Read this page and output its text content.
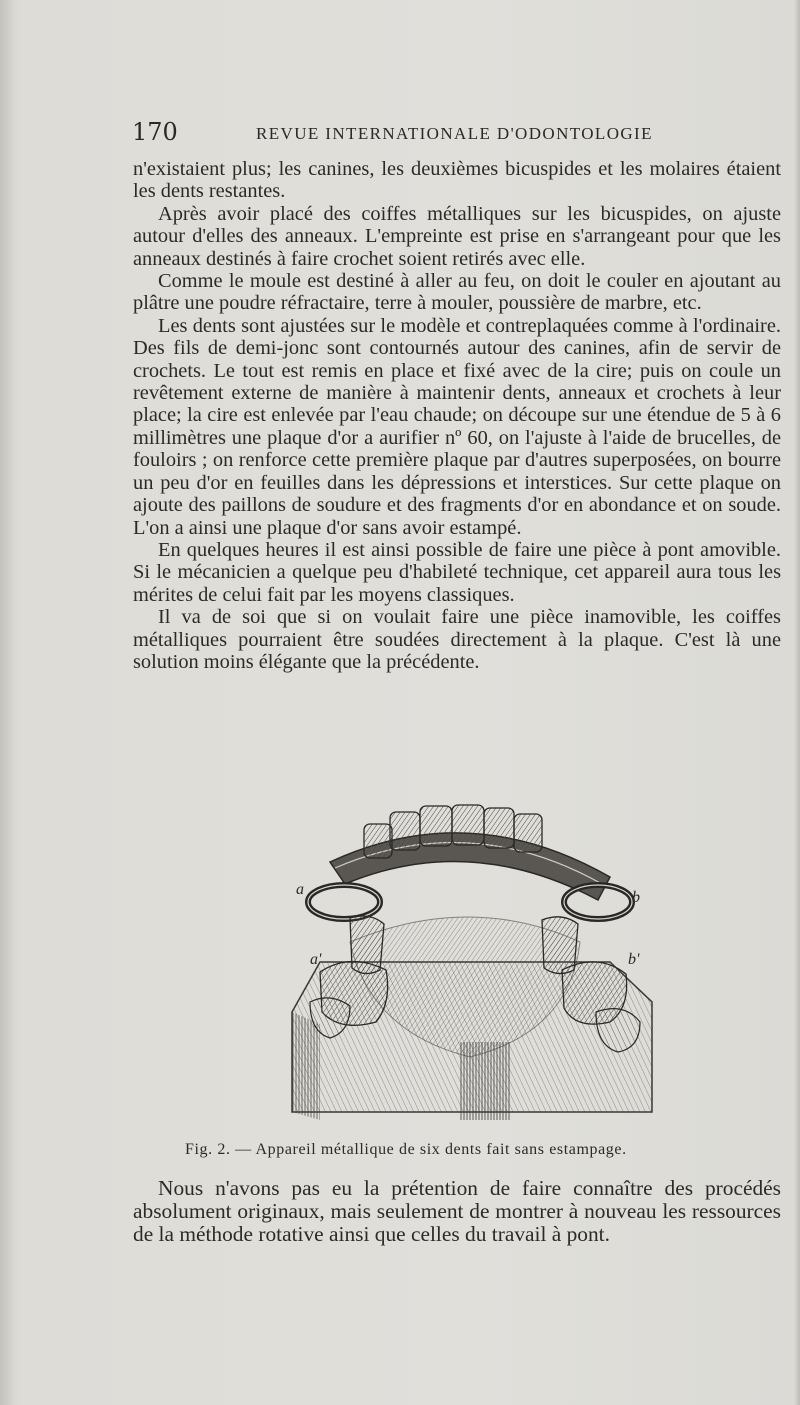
170	REVUE INTERNATIONALE D'ODONTOLOGIE

n'existaient plus; les canines, les deuxièmes bicuspides et les molaires étaient les dents restantes.

Après avoir placé des coiffes métalliques sur les bicuspides, on ajuste autour d'elles des anneaux. L'empreinte est prise en s'arrangeant pour que les anneaux destinés à faire crochet soient retirés avec elle.

Comme le moule est destiné à aller au feu, on doit le couler en ajoutant au plâtre une poudre réfractaire, terre à mouler, poussière de marbre, etc.

Les dents sont ajustées sur le modèle et contreplaquées comme à l'ordinaire. Des fils de demi-jonc sont contournés autour des canines, afin de servir de crochets. Le tout est remis en place et fixé avec de la cire; puis on coule un revêtement externe de manière à maintenir dents, anneaux et crochets à leur place; la cire est enlevée par l'eau chaude; on découpe sur une étendue de 5 à 6 millimètres une plaque d'or a aurifier nº 60, on l'ajuste à l'aide de brucelles, de fouloirs ; on renforce cette première plaque par d'autres superposées, on bourre un peu d'or en feuilles dans les dépressions et interstices. Sur cette plaque on ajoute des paillons de soudure et des fragments d'or en abondance et on soude. L'on a ainsi une plaque d'or sans avoir estampé.

En quelques heures il est ainsi possible de faire une pièce à pont amovible. Si le mécanicien a quelque peu d'habileté technique, cet appareil aura tous les mérites de celui fait par les moyens classiques.

Il va de soi que si on voulait faire une pièce inamovible, les coiffes métalliques pourraient être soudées directement à la plaque. C'est là une solution moins élégante que la précédente.

a	b
a'	b'
Fig. 2. — Appareil métallique de six dents fait sans estampage.

Nous n'avons pas eu la prétention de faire connaître des procédés absolument originaux, mais seulement de montrer à nouveau les ressources de la méthode rotative ainsi que celles du travail à pont.
